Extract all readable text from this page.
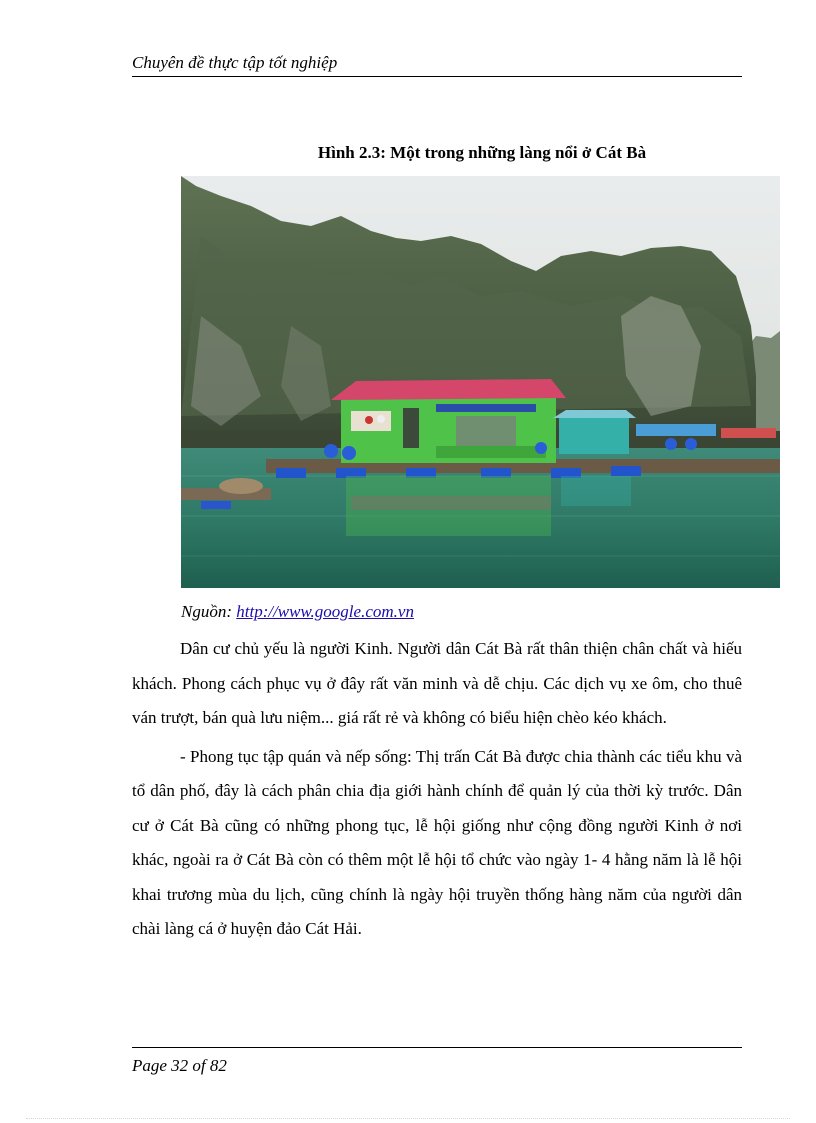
Chuyên đề thực tập tốt nghiệp
Hình 2.3: Một trong những làng nổi ở Cát Bà
Nguồn: http://www.google.com.vn

Dân cư chủ yếu là người Kinh. Người dân Cát Bà rất thân thiện chân chất và hiếu khách. Phong cách phục vụ ở đây rất văn minh và dễ chịu. Các dịch vụ xe ôm, cho thuê ván trượt, bán quà lưu niệm... giá rất rẻ và không có biểu hiện chèo kéo khách.

- Phong tục tập quán và nếp sống: Thị trấn Cát Bà được chia thành các tiểu khu và tổ dân phố, đây là cách phân chia địa giới hành chính để quản lý của thời kỳ trước. Dân cư ở Cát Bà cũng có những phong tục, lễ hội giống như cộng đồng người Kinh ở nơi khác, ngoài ra ở Cát Bà còn có thêm một lễ hội tổ chức vào ngày 1- 4 hằng năm là lễ hội khai trương mùa du lịch, cũng chính là ngày hội truyền thống hàng năm của người dân chài làng cá ở huyện đảo Cát Hải.

Page 32 of 82
